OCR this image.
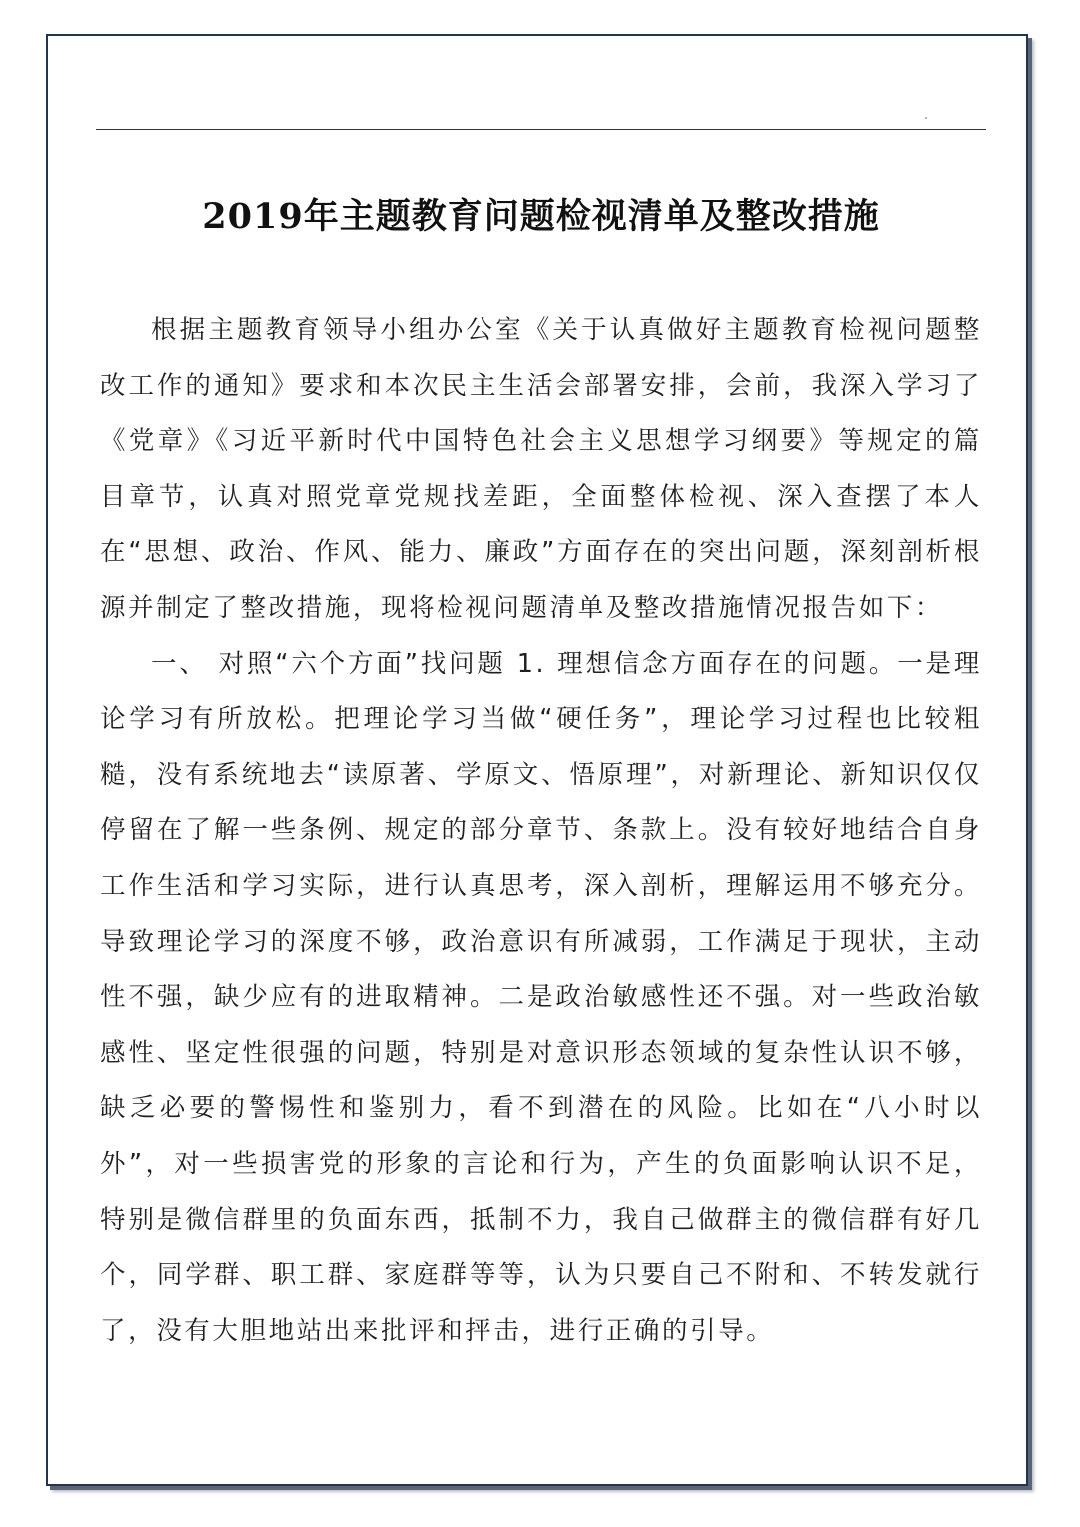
2019年主题教育问题检视清单及整改措施

根据主题教育领导小组办公室《关于认真做好主题教育检视问题整改工作的通知》要求和本次民主生活会部署安排，会前，我深入学习了《党章》《习近平新时代中国特色社会主义思想学习纲要》等规定的篇目章节，认真对照党章党规找差距，全面整体检视、深入查摆了本人在“思想、政治、作风、能力、廉政”方面存在的突出问题，深刻剖析根源并制定了整改措施，现将检视问题清单及整改措施情况报告如下：

一、 对照“六个方面”找问题 1. 理想信念方面存在的问题。一是理论学习有所放松。把理论学习当做“硬任务”，理论学习过程也比较粗糙，没有系统地去“读原著、学原文、悟原理”，对新理论、新知识仅仅停留在了解一些条例、规定的部分章节、条款上。没有较好地结合自身工作生活和学习实际，进行认真思考，深入剖析，理解运用不够充分。导致理论学习的深度不够，政治意识有所减弱，工作满足于现状，主动性不强，缺少应有的进取精神。二是政治敏感性还不强。对一些政治敏感性、坚定性很强的问题，特别是对意识形态领域的复杂性认识不够，缺乏必要的警惕性和鉴别力，看不到潜在的风险。比如在“八小时以外”，对一些损害党的形象的言论和行为，产生的负面影响认识不足，特别是微信群里的负面东西，抵制不力，我自己做群主的微信群有好几个，同学群、职工群、家庭群等等，认为只要自己不附和、不转发就行了，没有大胆地站出来批评和抨击，进行正确的引导。
